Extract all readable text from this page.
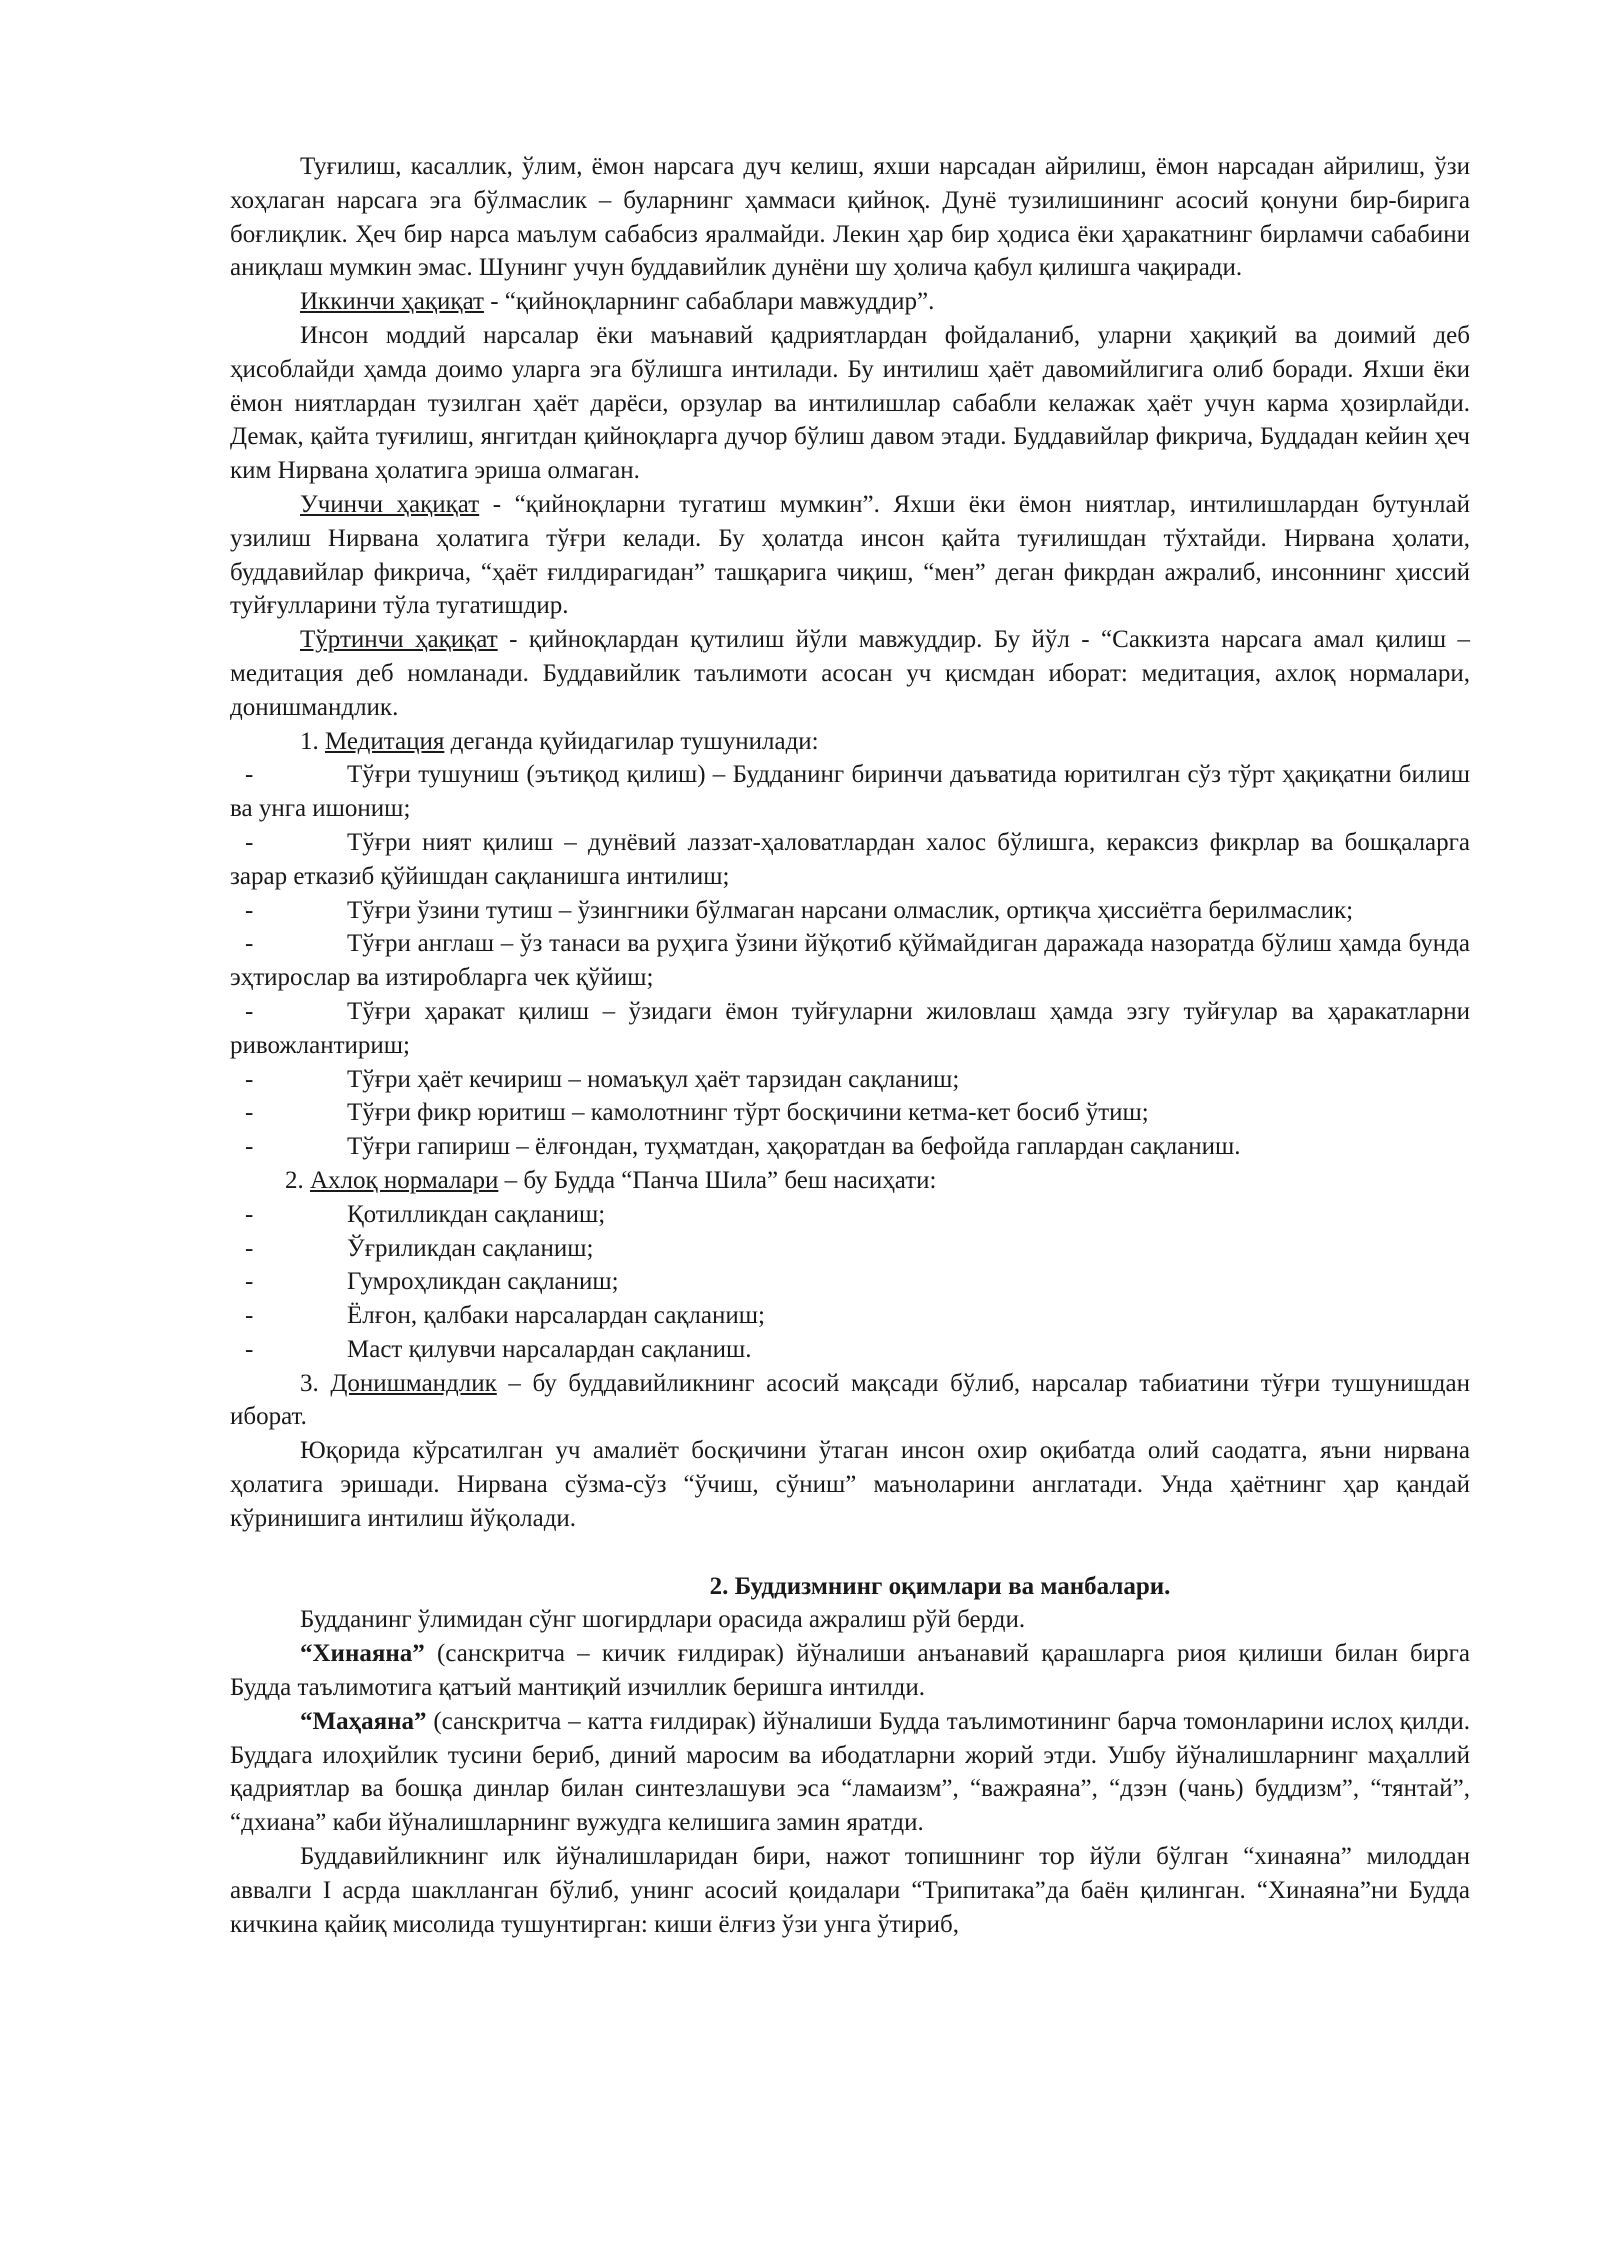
Туғилиш, касаллик, ўлим, ёмон нарсага дуч келиш, яхши нарсадан айрилиш, ёмон нарсадан айрилиш, ўзи хоҳлаган нарсага эга бўлмаслик – буларнинг ҳаммаси қийноқ. Дунё тузилишининг асосий қонуни бир-бирига боғлиқлик. Ҳеч бир нарса маълум сабабсиз яралмайди. Лекин ҳар бир ҳодиса ёки ҳаракатнинг бирламчи сабабини аниқлаш мумкин эмас. Шунинг учун буддавийлик дунёни шу ҳолича қабул қилишга чақиради.

Иккинчи ҳақиқат - “қийноқларнинг сабаблари мавжуддир”.

Инсон моддий нарсалар ёки маънавий қадриятлардан фойдаланиб, уларни ҳақиқий ва доимий деб ҳисоблайди ҳамда доимо уларга эга бўлишга интилади. Бу интилиш ҳаёт давомийлигига олиб боради. Яхши ёки ёмон ниятлардан тузилган ҳаёт дарёси, орзулар ва интилишлар сабабли келажак ҳаёт учун карма ҳозирлайди. Демак, қайта туғилиш, янгитдан қийноқларга дучор бўлиш давом этади. Буддавийлар фикрича, Буддадан кейин ҳеч ким Нирвана ҳолатига эриша олмаган.

Учинчи ҳақиқат - “қийноқларни тугатиш мумкин”. Яхши ёки ёмон ниятлар, интилишлардан бутунлай узилиш Нирвана ҳолатига тўғри келади. Бу ҳолатда инсон қайта туғилишдан тўхтайди. Нирвана ҳолати, буддавийлар фикрича, “ҳаёт ғилдирагидан” ташқарига чиқиш, “мен” деган фикрдан ажралиб, инсоннинг ҳиссий туйғулларини тўла тугатишдир.

Тўртинчи ҳақиқат - қийноқлардан қутилиш йўли мавжуддир. Бу йўл - “Саккизта нарсага амал қилиш – медитация деб номланади. Буддавийлик таълимоти асосан уч қисмдан иборат: медитация, ахлоқ нормалари, донишмандлик.

1. Медитация деганда қуйидагилар тушунилади:

-	Тўғри тушуниш (эътиқод қилиш) – Будданинг биринчи даъватида юритилган сўз тўрт ҳақиқатни билиш ва унга ишониш;
-	Тўғри ният қилиш – дунёвий лаззат-ҳаловатлардан халос бўлишга, кераксиз фикрлар ва бошқаларга зарар етказиб қўйишдан сақланишга интилиш;
-	Тўғри ўзини тутиш – ўзингники бўлмаган нарсани олмаслик, ортиқча ҳиссиётга берилмаслик;
-	Тўғри англаш – ўз танаси ва руҳига ўзини йўқотиб қўймайдиган даражада назоратда бўлиш ҳамда бунда эҳтирослар ва изтиробларга чек қўйиш;
-	Тўғри ҳаракат қилиш – ўзидаги ёмон туйғуларни жиловлаш ҳамда эзгу туйғулар ва ҳаракатларни ривожлантириш;
-	Тўғри ҳаёт кечириш – номаъқул ҳаёт тарзидан сақланиш;
-	Тўғри фикр юритиш – камолотнинг тўрт босқичини кетма-кет босиб ўтиш;
-	Тўғри гапириш – ёлғондан, туҳматдан, ҳақоратдан ва бефойда гаплардан сақланиш.

2. Ахлоқ нормалари – бу Будда “Панча Шила” беш насиҳати:

-	Қотилликдан сақланиш;
-	Ўғриликдан сақланиш;
-	Гумроҳликдан сақланиш;
-	Ёлғон, қалбаки нарсалардан сақланиш;
-	Маст қилувчи нарсалардан сақланиш.

3. Донишмандлик – бу буддавийликнинг асосий мақсади бўлиб, нарсалар табиатини тўғри тушунишдан иборат.

Юқорида кўрсатилган уч амалиёт босқичини ўтаган инсон охир оқибатда олий саодатга, яъни нирвана ҳолатига эришади. Нирвана сўзма-сўз “ўчиш, сўниш” маъноларини англатади. Унда ҳаётнинг ҳар қандай кўринишига интилиш йўқолади.

2. Буддизмнинг оқимлари ва манбалари.

Будданинг ўлимидан сўнг шогирдлари орасида ажралиш рўй берди.

“Хинаяна” (санскритча – кичик ғилдирак) йўналиши анъанавий қарашларга риоя қилиши билан бирга Будда таълимотига қатъий мантиқий изчиллик беришга интилди.

“Маҳаяна” (санскритча – катта ғилдирак) йўналиши Будда таълимотининг барча томонларини ислоҳ қилди. Буддага илоҳийлик тусини бериб, диний маросим ва ибодатларни жорий этди. Ушбу йўналишларнинг маҳаллий қадриятлар ва бошқа динлар билан синтезлашуви эса “ламаизм”, “важраяна”, “дзэн (чань) буддизм”, “тянтай”, “дхиана” каби йўналишларнинг вужудга келишига замин яратди.

Буддавийликнинг илк йўналишларидан бири, нажот топишнинг тор йўли бўлган “хинаяна” милоддан аввалги I асрда шаклланган бўлиб, унинг асосий қоидалари “Трипитака”да баён қилинган. “Хинаяна”ни Будда кичкина қайиқ мисолида тушунтирган: киши ёлғиз ўзи унга ўтириб,
